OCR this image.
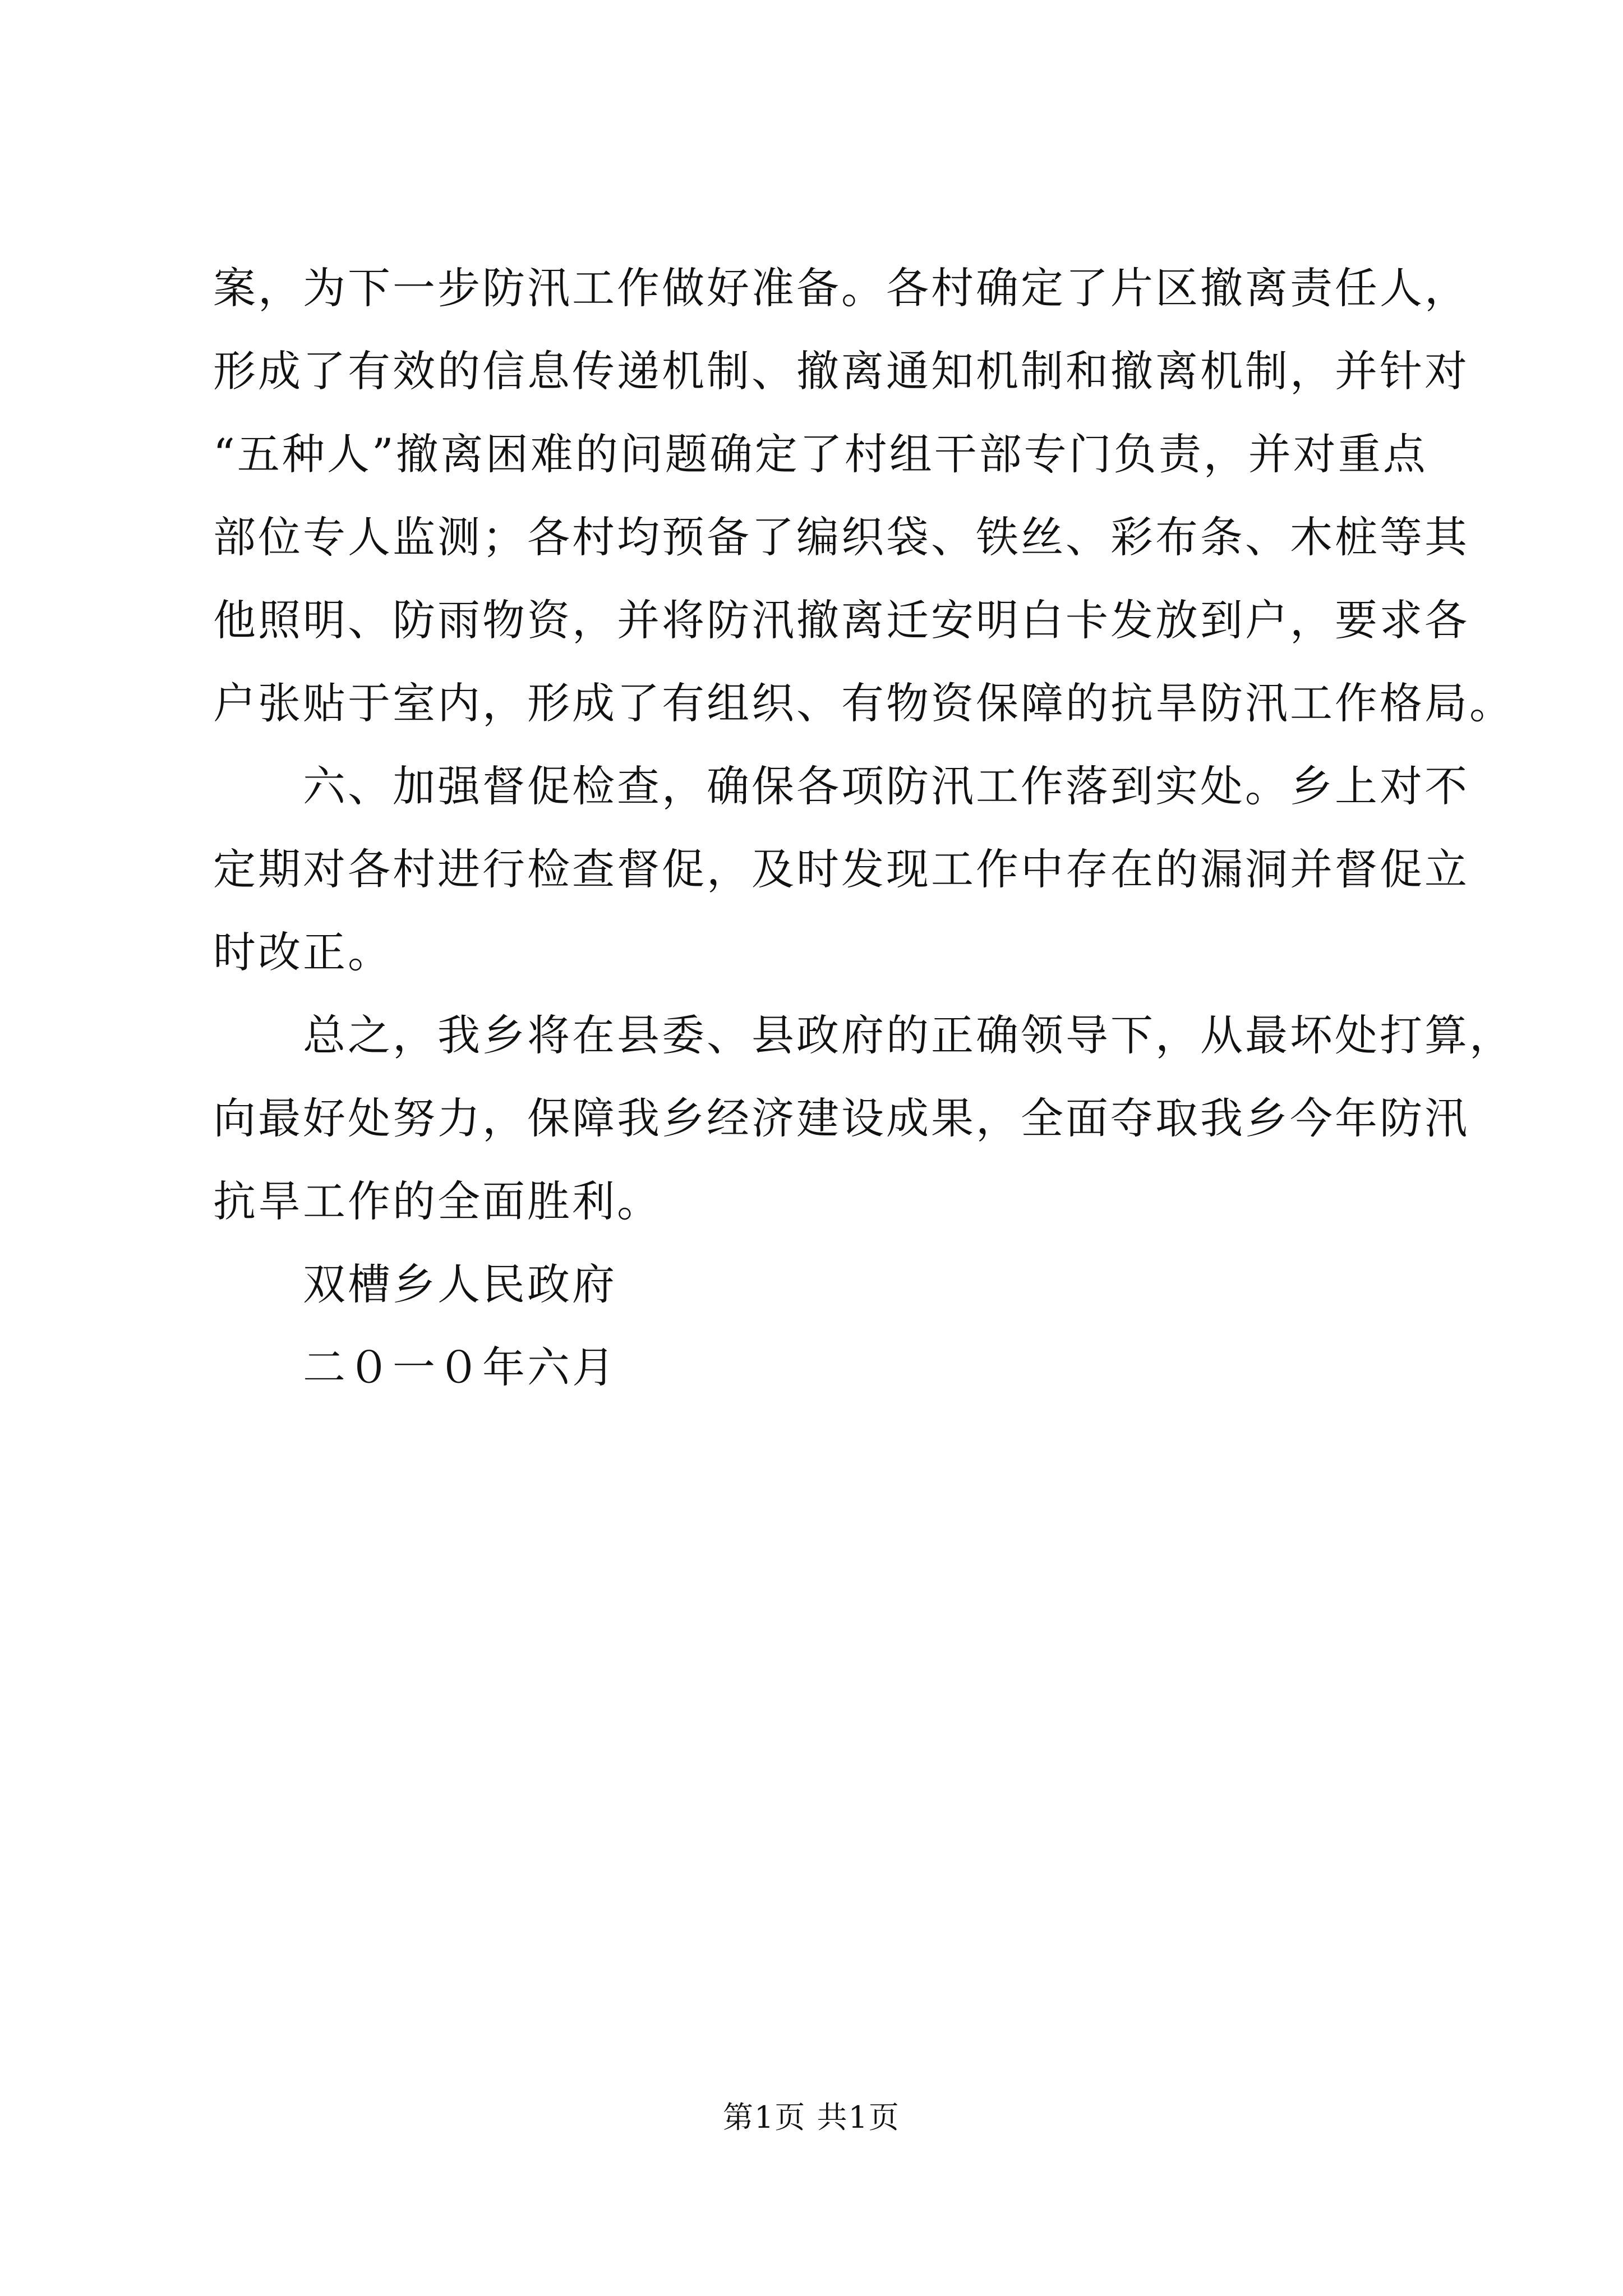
案，为下一步防汛工作做好准备。各村确定了片区撤离责任人，
形成了有效的信息传递机制、撤离通知机制和撤离机制，并针对
“五种人”撤离困难的问题确定了村组干部专门负责，并对重点
部位专人监测；各村均预备了编织袋、铁丝、彩布条、木桩等其
他照明、防雨物资，并将防汛撤离迁安明白卡发放到户，要求各
户张贴于室内，形成了有组织、有物资保障的抗旱防汛工作格局。
六、加强督促检查，确保各项防汛工作落到实处。乡上对不
定期对各村进行检查督促，及时发现工作中存在的漏洞并督促立
时改正。
总之，我乡将在县委、县政府的正确领导下，从最坏处打算，
向最好处努力，保障我乡经济建设成果，全面夺取我乡今年防汛
抗旱工作的全面胜利。
双槽乡人民政府
二０一０年六月
第1页 共1页
